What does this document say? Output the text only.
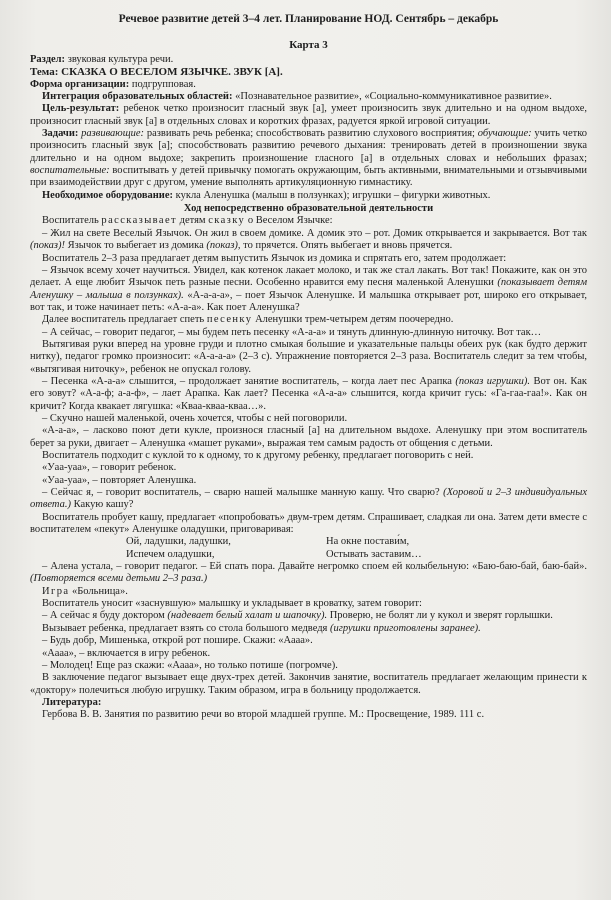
Речевое развитие детей 3–4 лет. Планирование НОД. Сентябрь – декабрь

Карта 3

Раздел: звуковая культура речи.

Тема: СКАЗКА О ВЕСЕЛОМ ЯЗЫЧКЕ. ЗВУК [А].

Форма организации: подгрупповая.

Интеграция образовательных областей: «Познавательное развитие», «Социально-коммуникативное развитие».

Цель-результат: ребенок четко произносит гласный звук [а], умеет произносить звук длительно и на одном выдохе, произносит гласный звук [а] в отдельных словах и коротких фразах, радуется яркой игровой ситуации.

Задачи: развивающие: развивать речь ребенка; способствовать развитию слухового восприятия; обучающие: учить четко произносить гласный звук [а]; способствовать развитию речевого дыхания: тренировать детей в произношении звука длительно и на одном выдохе; закрепить произношение гласного [а] в отдельных словах и небольших фразах; воспитательные: воспитывать у детей привычку помогать окружающим, быть активными, внимательными и отзывчивыми при взаимодействии друг с другом, умение выполнять артикуляционную гимнастику.

Необходимое оборудование: кукла Аленушка (малыш в ползунках); игрушки – фигурки животных.

Ход непосредственно образовательной деятельности

Воспитатель рассказывает детям сказку о Веселом Язычке:

– Жил на свете Веселый Язычок. Он жил в своем домике. А домик это – рот. Домик открывается и закрывается. Вот так (показ)! Язычок то выбегает из домика (показ), то прячется. Опять выбегает и вновь прячется.

Воспитатель 2–3 раза предлагает детям выпустить Язычок из домика и спрятать его, затем продолжает:

– Язычок всему хочет научиться. Увидел, как котенок лакает молоко, и так же стал лакать. Вот так! Покажите, как он это делает. А еще любит Язычок петь разные песни. Особенно нравится ему песня маленькой Аленушки (показывает детям Аленушку – малыша в ползунках). «А-а-а-а», – поет Язычок Аленушке. И малышка открывает рот, широко его открывает, вот так, и тоже начинает петь: «А-а-а». Как поет Аленушка?

Далее воспитатель предлагает спеть песенку Аленушки трем-четырем детям поочередно.

– А сейчас, – говорит педагог, – мы будем петь песенку «А-а-а» и тянуть длинную-длинную ниточку. Вот так…

Вытягивая руки вперед на уровне груди и плотно смыкая большие и указательные пальцы обеих рук (как будто держит нитку), педагог громко произносит: «А-а-а-а» (2–3 с). Упражнение повторяется 2–3 раза. Воспитатель следит за тем чтобы, «вытягивая ниточку», ребенок не опускал голову.

– Песенка «А-а-а» слышится, – продолжает занятие воспитатель, – когда лает пес Арапка (показ игрушки). Вот он. Как его зовут? «А-а-ф; а-а-ф», – лает Арапка. Как лает? Песенка «А-а-а» слышится, когда кричит гусь: «Га-гаа-гаа!». Как он кричит? Когда квакает лягушка: «Кваа-кваа-кваа…».

– Скучно нашей маленькой, очень хочется, чтобы с ней поговорили.

«А-а-а», – ласково поют дети кукле, произнося гласный [а] на длительном выдохе. Аленушку при этом воспитатель берет за руки, двигает – Аленушка «машет руками», выражая тем самым радость от общения с детьми.

Воспитатель подходит с куклой то к одному, то к другому ребенку, предлагает поговорить с ней.

«Уаа-уаа», – говорит ребенок.

«Уаа-уаа», – повторяет Аленушка.

– Сейчас я, – говорит воспитатель, – сварю нашей малышке манную кашу. Что сварю? (Хоровой и 2–3 индивидуальных ответа.) Какую кашу?

Воспитатель пробует кашу, предлагает «попробовать» двум-трем детям. Спрашивает, сладкая ли она. Затем дети вместе с воспитателем «пекут» Аленушке оладушки, приговаривая:

Ой, ладушки, ладушки,

Испечем оладушки,

На окне постави́м,

Остывать заставим…

– Алена устала, – говорит педагог. – Ей спать пора. Давайте негромко споем ей колыбельную: «Баю-баю-бай, баю-бай». (Повторяется всеми детьми 2–3 раза.)

Игра «Больница».

Воспитатель уносит «заснувшую» малышку и укладывает в кроватку, затем говорит:

– А сейчас я буду доктором (надевает белый халат и шапочку). Проверю, не болят ли у кукол и зверят горлышки.

Вызывает ребенка, предлагает взять со стола большого медведя (игрушки приготовлены заранее).

– Будь добр, Мишенька, открой рот пошире. Скажи: «Аааа».

«Аааа», – включается в игру ребенок.

– Молодец! Еще раз скажи: «Аааа», но только потише (погромче).

В заключение педагог вызывает еще двух-трех детей. Закончив занятие, воспитатель предлагает желающим принести к «доктору» полечиться любую игрушку. Таким образом, игра в больницу продолжается.

Литература:

Гербова В. В. Занятия по развитию речи во второй младшей группе. М.: Просвещение, 1989. 111 с.
